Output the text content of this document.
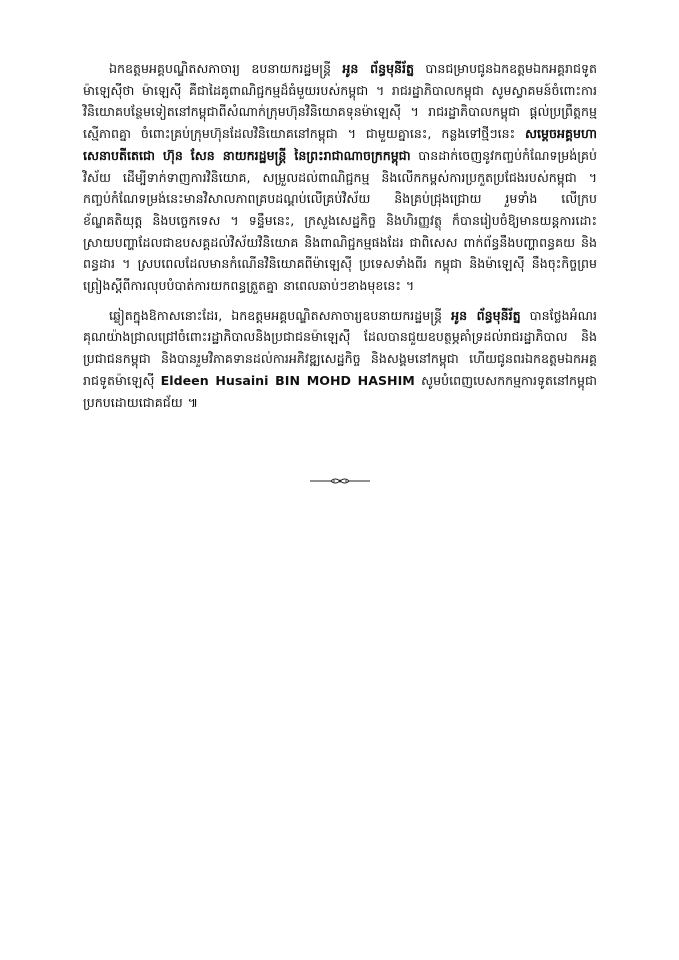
ឯកឧត្តមអគ្គបណ្ឌិតសភាចារ្យ ឧបនាយករដ្ឋមន្ត្រី អូន ព័ន្ធមុនីរ័ត្ន បានជម្រាបជូនឯកឧត្តមឯកអគ្គរាជទូតម៉ាឡេស៊ីថា ម៉ាឡេស៊ី គឺជាដៃគូពាណិជ្ជកម្មដ៏ធំមួយរបស់កម្ពុជា ។ រាជរដ្ឋាភិបាលកម្ពុជា សូមស្វាគមន៍ចំពោះការវិនិយោគបន្ថែមទៀតនៅកម្ពុជាពីសំណាក់ក្រុមហ៊ុនវិនិយោគទុនម៉ាឡេស៊ី ។ រាជរដ្ឋាភិបាលកម្ពុជា ផ្តល់ប្រព្រឹត្តកម្មស្មើភាពគ្នា ចំពោះគ្រប់ក្រុមហ៊ុនដែលវិនិយោគនៅកម្ពុជា ។ ជាមួយគ្នានេះ, កន្លងទៅថ្មីៗនេះ សម្តេចអគ្គមហាសេនាបតីតេជោ ហ៊ុន សែន នាយករដ្ឋមន្ត្រី នៃព្រះរាជាណាចក្រកម្ពុជា បានដាក់ចេញនូវកញ្ចប់កំណែទម្រង់គ្រប់វិស័យ ដើម្បីទាក់ទាញការវិនិយោគ, សម្រួលដល់ពាណិជ្ជកម្ម និងលើកកម្ពស់ការប្រកួតប្រជែងរបស់កម្ពុជា ។ កញ្ចប់កំណែទម្រង់នេះមានវិសាលភាពគ្របដណ្តប់លើគ្រប់វិស័យ និងគ្រប់ជ្រុងជ្រោយ រួមទាំង លើក្របខ័ណ្ឌគតិយុត្ត និងបច្ចេកទេស ។ ទន្ទឹមនេះ, ក្រសួងសេដ្ឋកិច្ច និងហិរញ្ញវត្ថុ ក៏បានរៀបចំឱ្យមានយន្តការដោះស្រាយបញ្ហាដែលជាឧបសគ្គដល់វិស័យវិនិយោគ និងពាណិជ្ជកម្មផងដែរ ជាពិសេស ពាក់ព័ន្ធនឹងបញ្ហាពន្ធគយ និងពន្ធដារ ។ ស្របពេលដែលមានកំណើនវិនិយោគពីម៉ាឡេស៊ី ប្រទេសទាំងពីរ កម្ពុជា និងម៉ាឡេស៊ី នឹងចុះកិច្ចព្រមព្រៀងស្តីពីការលុបបំបាត់ការយកពន្ធត្រួតគ្នា នាពេលឆាប់ៗខាងមុខនេះ ។

ឆ្លៀតក្នុងឱកាសនោះដែរ, ឯកឧត្តមអគ្គបណ្ឌិតសភាចារ្យឧបនាយករដ្ឋមន្ត្រី អូន ព័ន្ធមុនីរ័ត្ន បានថ្លែងអំណរគុណយ៉ាងជ្រាលជ្រៅចំពោះរដ្ឋាភិបាលនិងប្រជាជនម៉ាឡេស៊ី ដែលបានជួយឧបត្ថម្ភគាំទ្រដល់រាជរដ្ឋាភិបាល និងប្រជាជនកម្ពុជា និងបានរួមវិភាគទានដល់ការអភិវឌ្ឍសេដ្ឋកិច្ច និងសង្គមនៅកម្ពុជា ហើយជូនពរឯកឧត្តមឯកអគ្គរាជទូតម៉ាឡេស៊ី Eldeen Husaini BIN MOHD HASHIM សូមបំពេញបេសកកម្មការទូតនៅកម្ពុជាប្រកបដោយជោគជ័យ ៕
